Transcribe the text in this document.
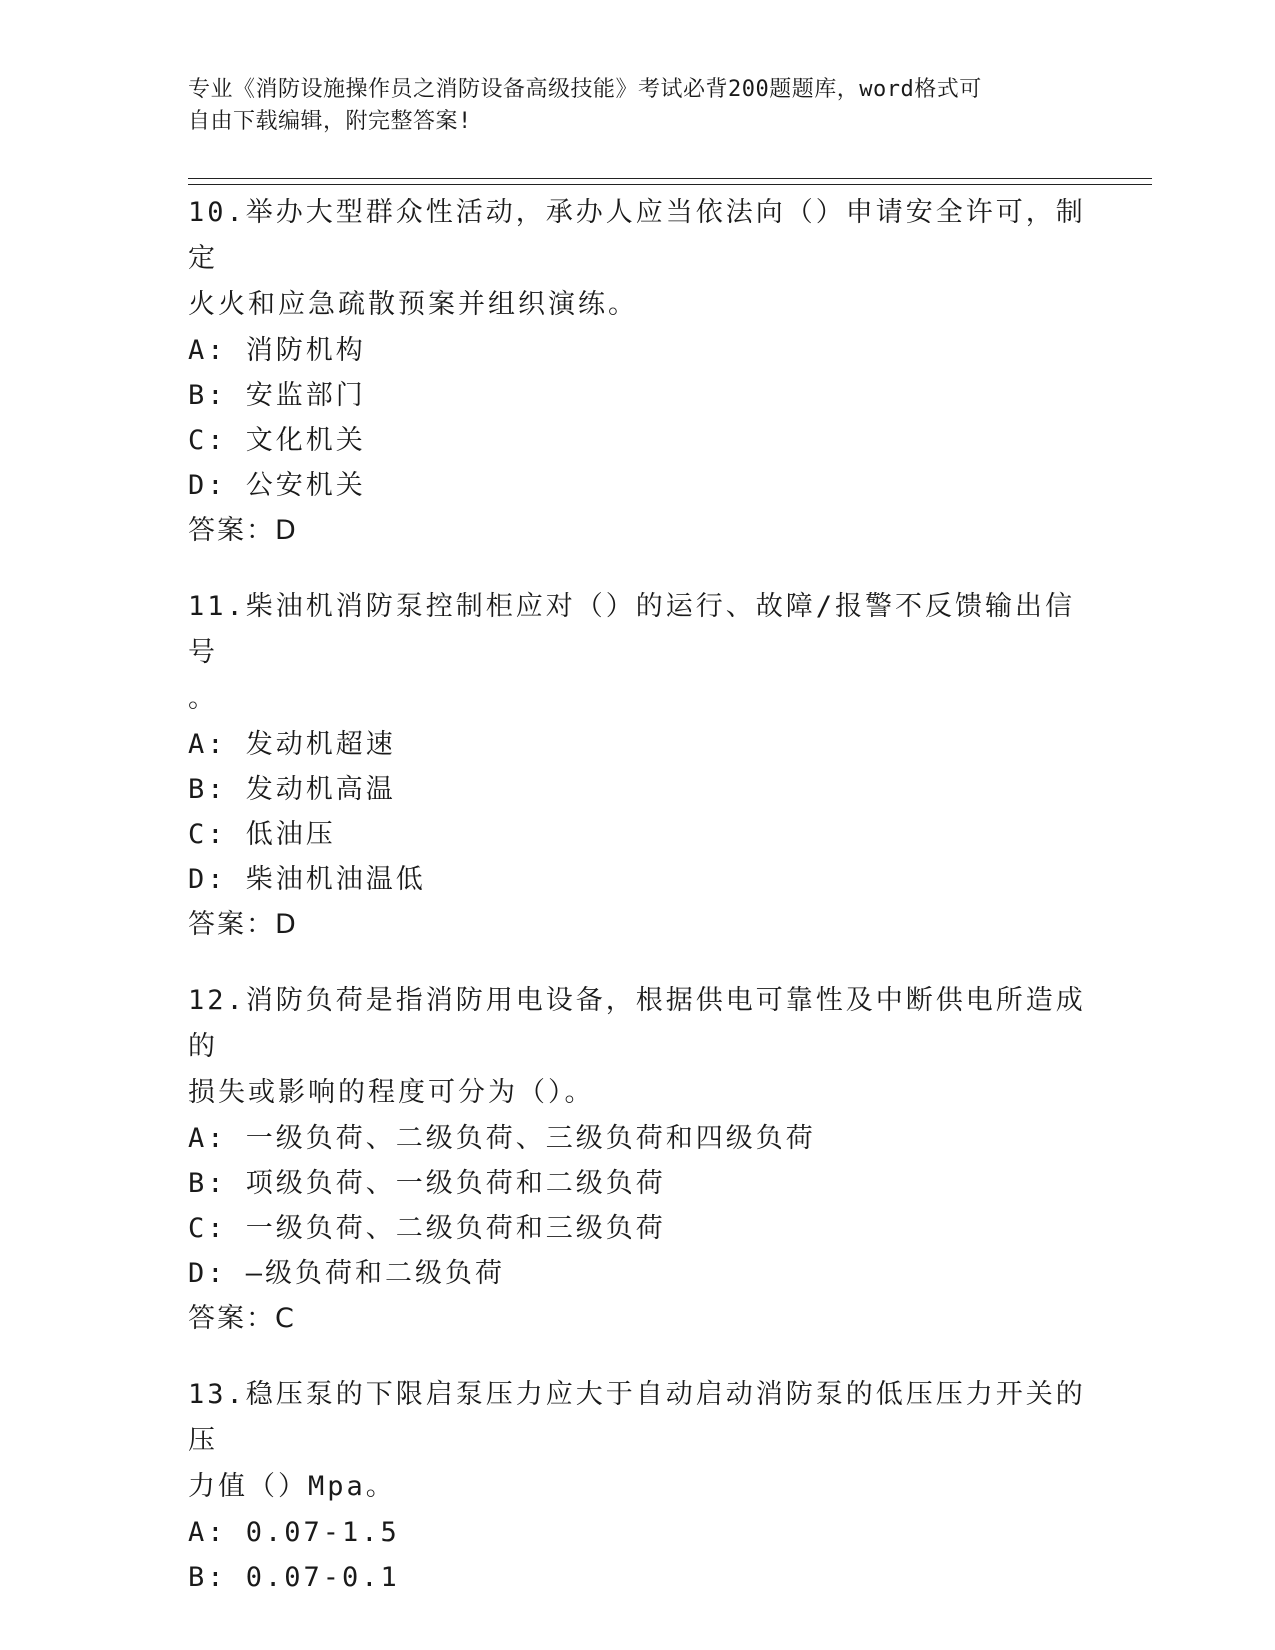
专业《消防设施操作员之消防设备高级技能》考试必背200题题库，word格式可
自由下载编辑，附完整答案!

10.举办大型群众性活动，承办人应当依法向（）申请安全许可，制定
火火和应急疏散预案并组织演练。

A: 消防机构

B: 安监部门

C: 文化机关

D: 公安机关

答案：D

11.柴油机消防泵控制柜应对（）的运行、故障/报警不反馈输出信号
。

A: 发动机超速

B: 发动机高温

C: 低油压

D: 柴油机油温低

答案：D

12.消防负荷是指消防用电设备，根据供电可靠性及中断供电所造成的
损失或影响的程度可分为（）。

A: 一级负荷、二级负荷、三级负荷和四级负荷

B: 项级负荷、一级负荷和二级负荷

C: 一级负荷、二级负荷和三级负荷

D: —级负荷和二级负荷

答案：C

13.稳压泵的下限启泵压力应大于自动启动消防泵的低压压力开关的压
力值（）Mpa。

A: 0.07-1.5

B: 0.07-0.1
